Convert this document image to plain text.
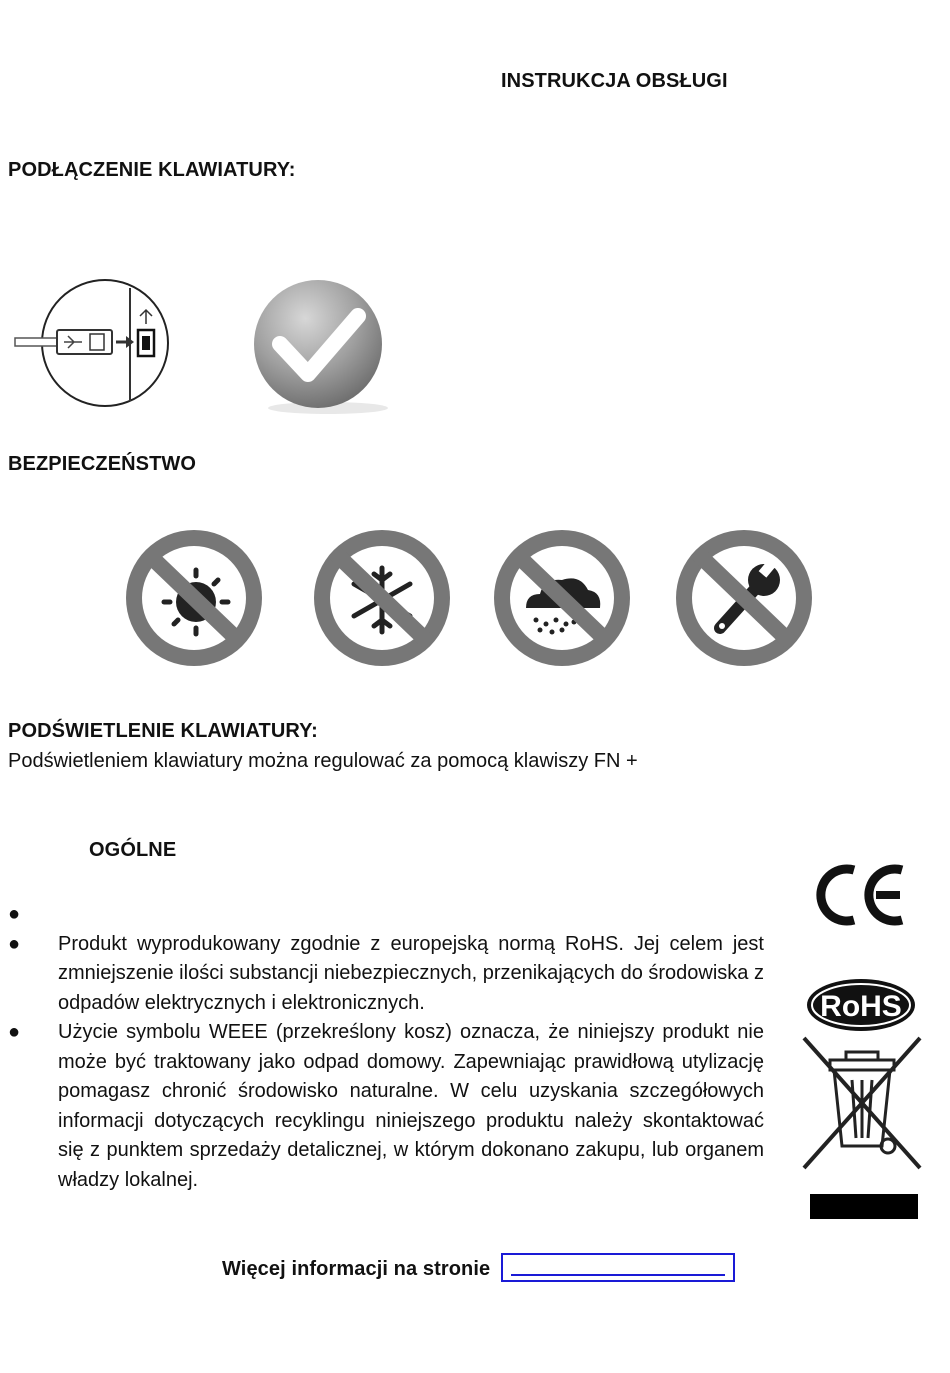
INSTRUKCJA OBSŁUGI
PODŁĄCZENIE KLAWIATURY:
BEZPIECZEŃSTWO
PODŚWIETLENIE KLAWIATURY:
Podświetleniem klawiatury można regulować za pomocą klawiszy FN +
OGÓLNE
●

● Produkt wyprodukowany zgodnie z europejską normą RoHS. Jej celem jest zmniejszenie ilości substancji niebezpiecznych, przenikających do środowiska z odpadów elektrycznych i elektronicznych.
● Użycie symbolu WEEE (przekreślony kosz) oznacza, że niniejszy produkt nie może być traktowany jako odpad domowy. Zapewniając prawidłową utylizację pomagasz chronić środowisko naturalne. W celu uzyskania szczegółowych informacji dotyczących recyklingu niniejszego produktu należy skontaktować się z punktem sprzedaży detalicznej, w którym dokonano zakupu, lub organem władzy lokalnej.
RoHS
Więcej informacji na stronie
